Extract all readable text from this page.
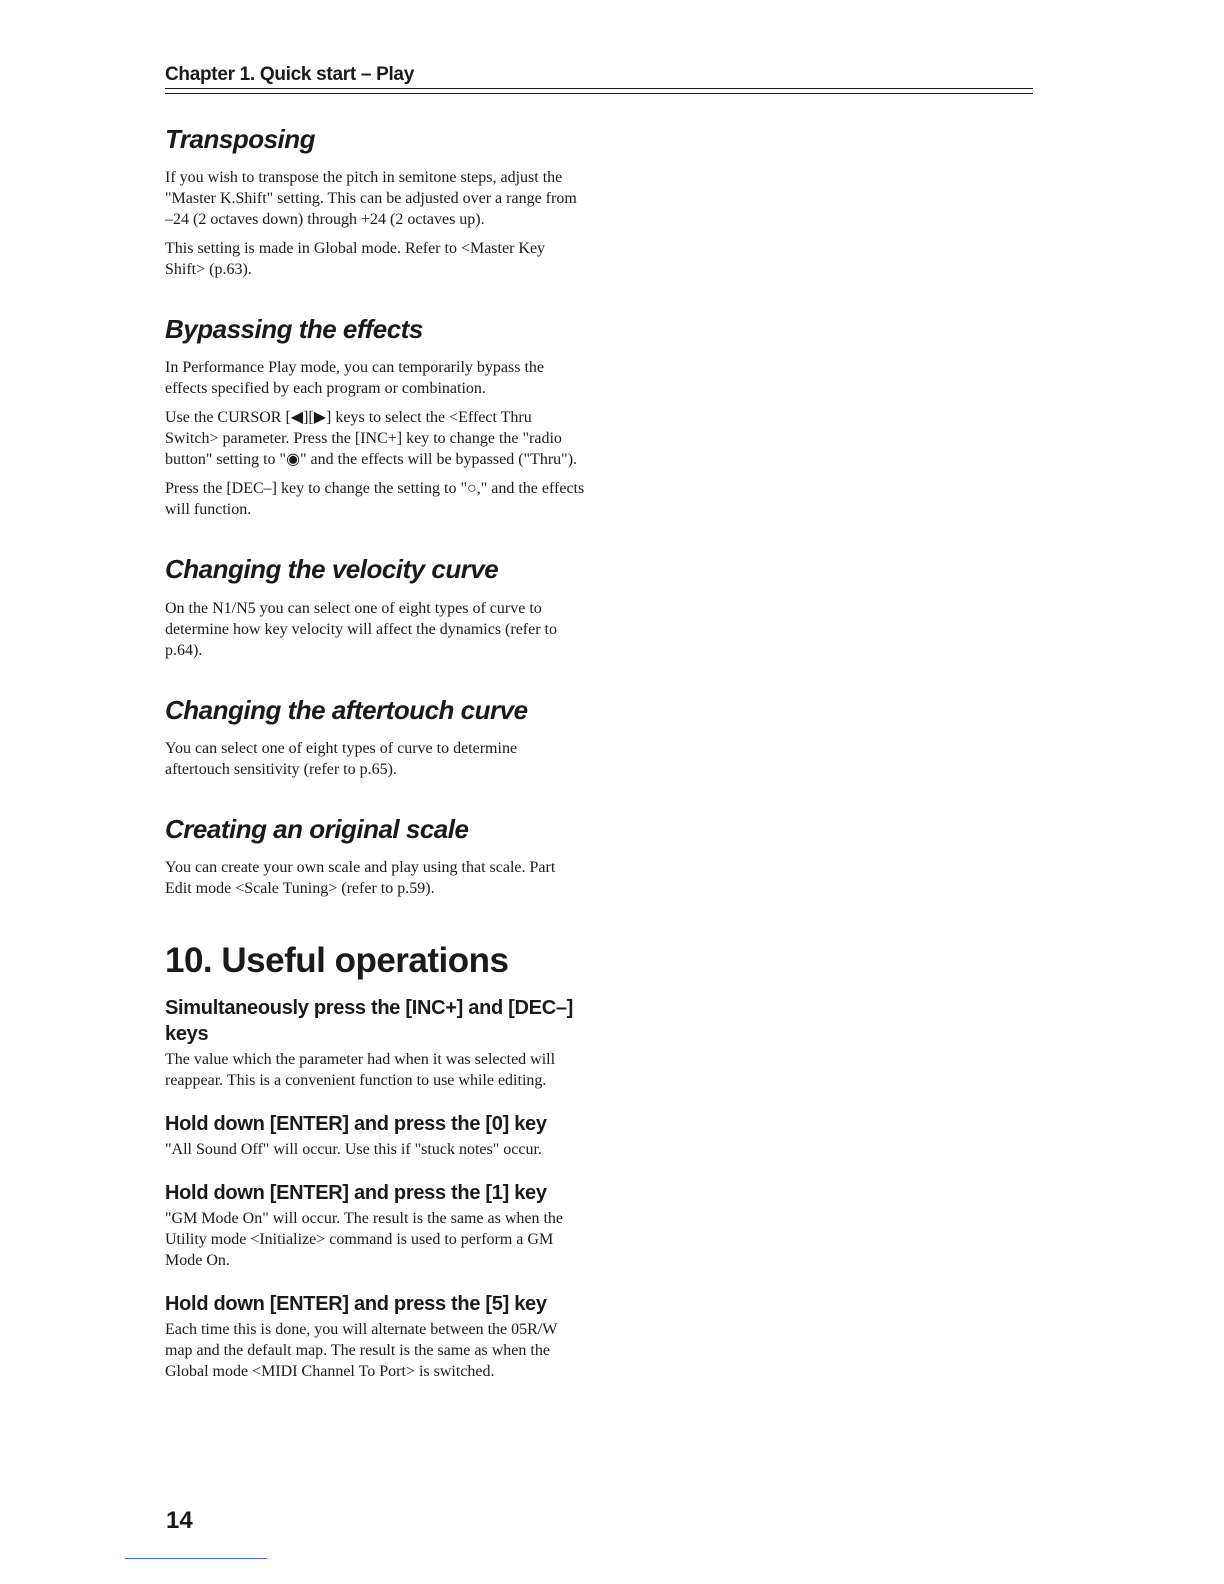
Chapter 1. Quick start – Play
Transposing

If you wish to transpose the pitch in semitone steps, adjust the "Master K.Shift" setting. This can be adjusted over a range from –24 (2 octaves down) through +24 (2 octaves up).

This setting is made in Global mode. Refer to <Master Key Shift> (p.63).

Bypassing the effects

In Performance Play mode, you can temporarily bypass the effects specified by each program or combination.

Use the CURSOR [◀][▶] keys to select the <Effect Thru Switch> parameter. Press the [INC+] key to change the "radio button" setting to "◉" and the effects will be bypassed ("Thru").

Press the [DEC–] key to change the setting to "○," and the effects will function.

Changing the velocity curve

On the N1/N5 you can select one of eight types of curve to determine how key velocity will affect the dynamics (refer to p.64).

Changing the aftertouch curve

You can select one of eight types of curve to determine aftertouch sensitivity (refer to p.65).

Creating an original scale

You can create your own scale and play using that scale. Part Edit mode <Scale Tuning> (refer to p.59).

10. Useful operations
Simultaneously press the [INC+] and [DEC–] keys

The value which the parameter had when it was selected will reappear. This is a convenient function to use while editing.

Hold down [ENTER] and press the [0] key

"All Sound Off" will occur. Use this if "stuck notes" occur.

Hold down [ENTER] and press the [1] key

"GM Mode On" will occur. The result is the same as when the Utility mode <Initialize> command is used to perform a GM Mode On.

Hold down [ENTER] and press the [5] key

Each time this is done, you will alternate between the 05R/W map and the default map. The result is the same as when the Global mode <MIDI Channel To Port> is switched.

14
